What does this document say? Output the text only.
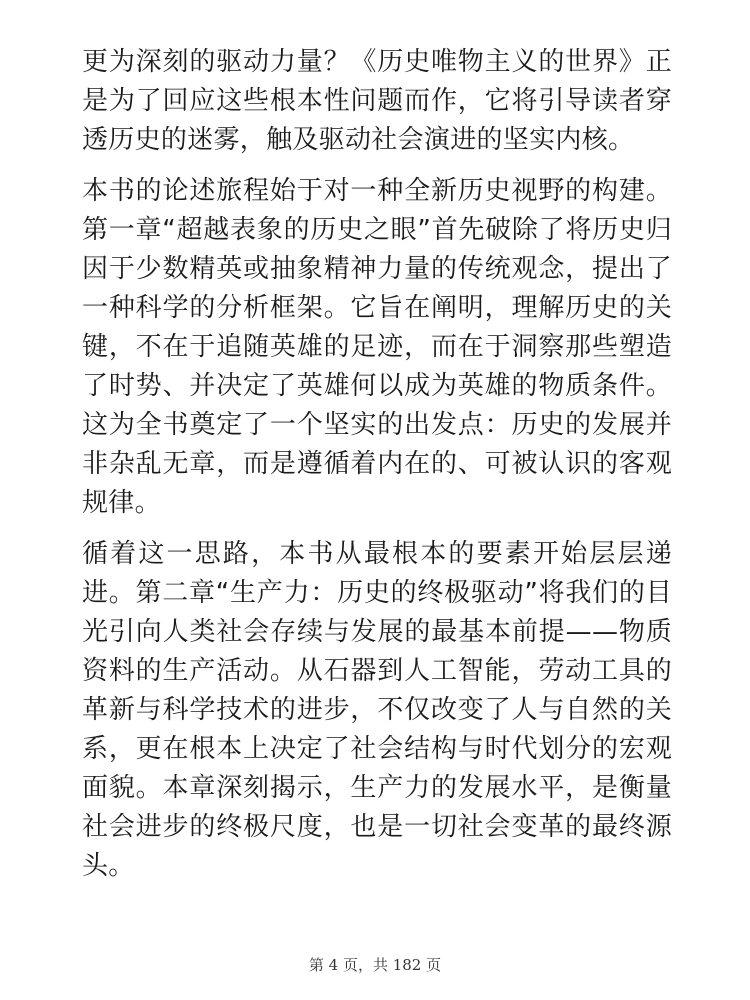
更为深刻的驱动力量？《历史唯物主义的世界》正是为了回应这些根本性问题而作，它将引导读者穿透历史的迷雾，触及驱动社会演进的坚实内核。

本书的论述旅程始于对一种全新历史视野的构建。第一章“超越表象的历史之眼”首先破除了将历史归因于少数精英或抽象精神力量的传统观念，提出了一种科学的分析框架。它旨在阐明，理解历史的关键，不在于追随英雄的足迹，而在于洞察那些塑造了时势、并决定了英雄何以成为英雄的物质条件。这为全书奠定了一个坚实的出发点：历史的发展并非杂乱无章，而是遵循着内在的、可被认识的客观规律。

循着这一思路，本书从最根本的要素开始层层递进。第二章“生产力：历史的终极驱动”将我们的目光引向人类社会存续与发展的最基本前提——物质资料的生产活动。从石器到人工智能，劳动工具的革新与科学技术的进步，不仅改变了人与自然的关系，更在根本上决定了社会结构与时代划分的宏观面貌。本章深刻揭示，生产力的发展水平，是衡量社会进步的终极尺度，也是一切社会变革的最终源头。

第 4 页，共 182 页
